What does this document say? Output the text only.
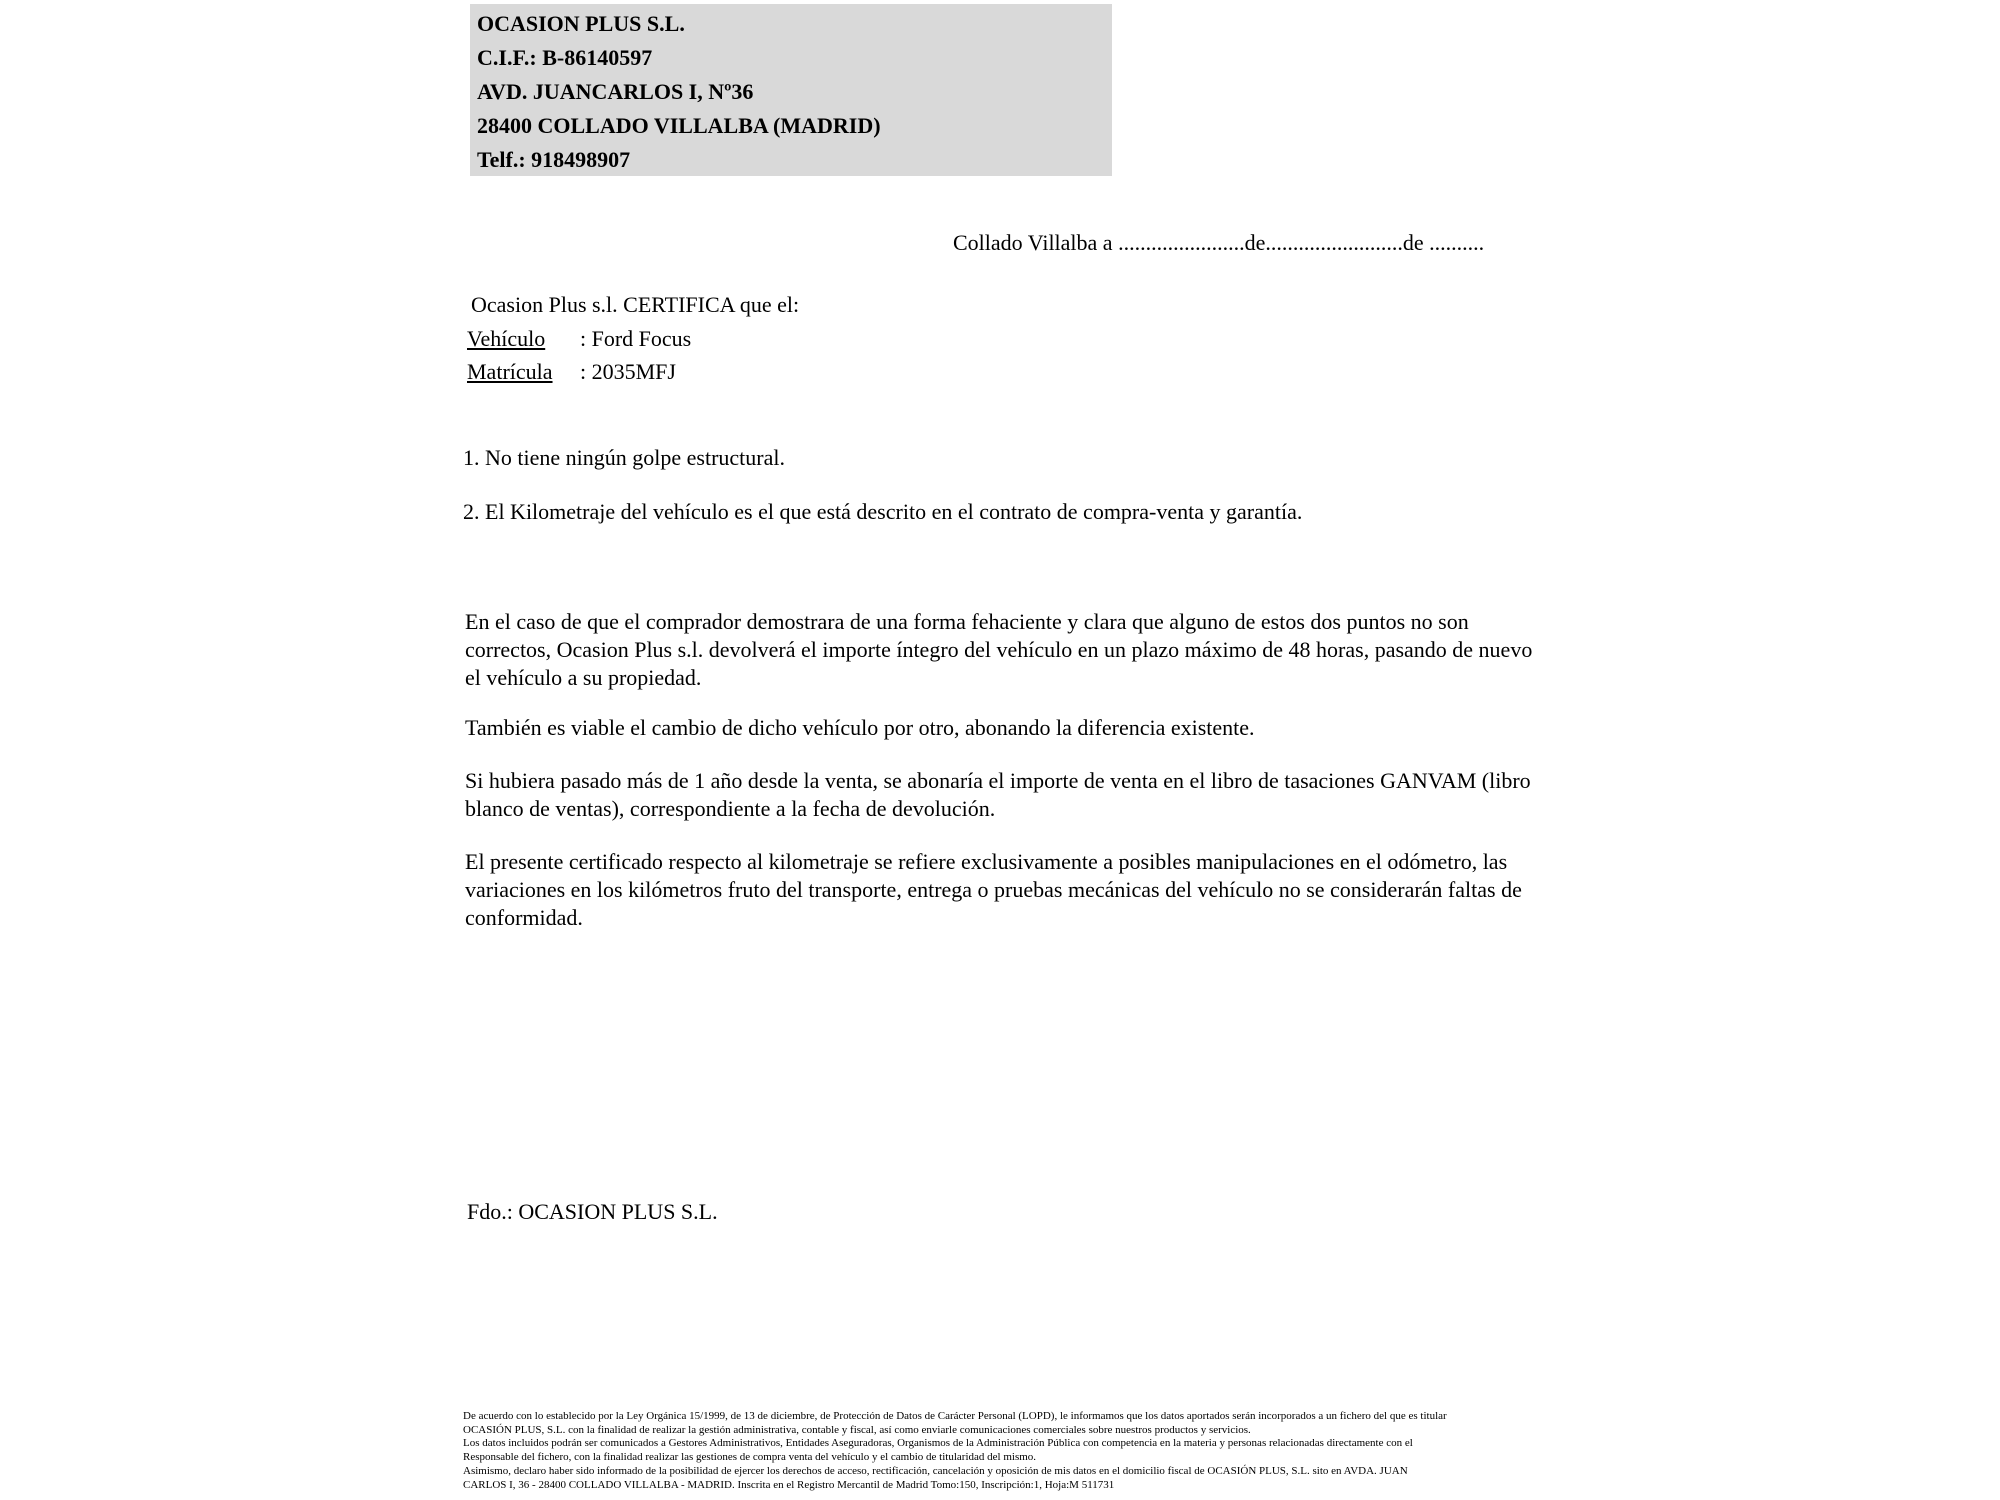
OCASION PLUS S.L.
C.I.F.: B-86140597
AVD. JUANCARLOS I, Nº36
28400 COLLADO VILLALBA (MADRID)
Telf.: 918498907
Collado Villalba a .......................de.........................de ..........
Ocasion Plus s.l. CERTIFICA que el:
Vehículo : Ford Focus
Matrícula : 2035MFJ
1. No tiene ningún golpe estructural.
2. El Kilometraje del vehículo es el que está descrito en el contrato de compra-venta y garantía.
En el caso de que el comprador demostrara de una forma fehaciente y clara que alguno de estos dos puntos no son correctos, Ocasion Plus s.l. devolverá el importe íntegro del vehículo en un plazo máximo de 48 horas, pasando de nuevo el vehículo a su propiedad.
También es viable el cambio de dicho vehículo por otro, abonando la diferencia existente.
Si hubiera pasado más de 1 año desde la venta, se abonaría el importe de venta en el libro de tasaciones GANVAM (libro blanco de ventas), correspondiente a la fecha de devolución.
El presente certificado respecto al kilometraje se refiere exclusivamente a posibles manipulaciones en el odómetro, las variaciones en los kilómetros fruto del transporte, entrega o pruebas mecánicas del vehículo no se considerarán faltas de conformidad.
Fdo.: OCASION PLUS S.L.
De acuerdo con lo establecido por la Ley Orgánica 15/1999, de 13 de diciembre, de Protección de Datos de Carácter Personal (LOPD), le informamos que los datos aportados serán incorporados a un fichero del que es titular
OCASIÓN PLUS, S.L. con la finalidad de realizar la gestión administrativa, contable y fiscal, así como enviarle comunicaciones comerciales sobre nuestros productos y servicios.
Los datos incluidos podrán ser comunicados a Gestores Administrativos, Entidades Aseguradoras, Organismos de la Administración Pública con competencia en la materia y personas relacionadas directamente con el
Responsable del fichero, con la finalidad realizar las gestiones de compra venta del vehículo y el cambio de titularidad del mismo.
Asimismo, declaro haber sido informado de la posibilidad de ejercer los derechos de acceso, rectificación, cancelación y oposición de mis datos en el domicilio fiscal de OCASIÓN PLUS, S.L. sito en AVDA. JUAN
CARLOS I, 36 - 28400 COLLADO VILLALBA - MADRID. Inscrita en el Registro Mercantil de Madrid Tomo:150, Inscripción:1, Hoja:M 511731
